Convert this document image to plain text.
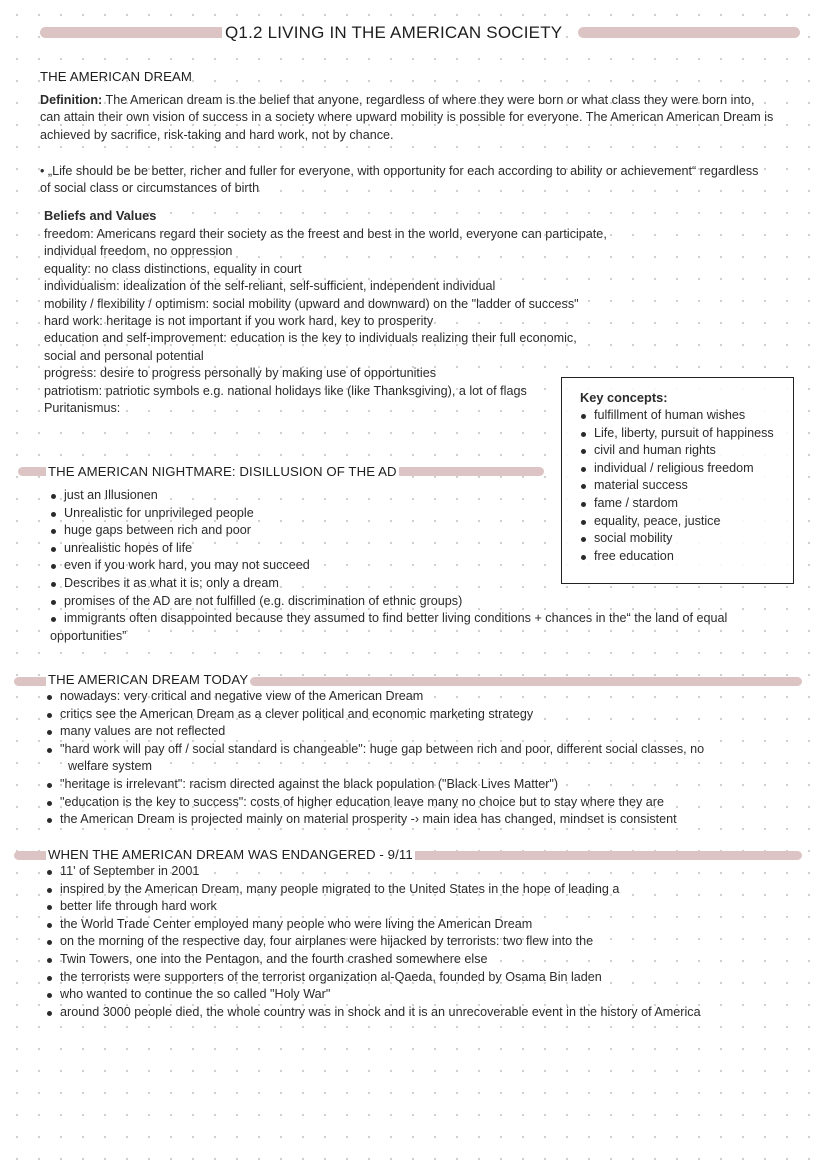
Q1.2 LIVING IN THE AMERICAN SOCIETY
THE AMERICAN DREAM
Definition: The American dream is the belief that anyone, regardless of where they were born or what class they were born into,
can attain their own vision of success in a society where upward mobility is possible for everyone. The American American Dream is
achieved by sacrifice, risk-taking and hard work, not by chance.
• „Life should be be better, richer and fuller for everyone, with opportunity for each according to ability or achievement“ regardless
of social class or circumstances of birth
Beliefs and Values
freedom: Americans regard their society as the freest and best in the world, everyone can participate,
individual freedom, no oppression
equality: no class distinctions, equality in court
individualism: idealization of the self-reliant, self-sufficient, independent individual
mobility / flexibility / optimism: social mobility (upward and downward) on the "ladder of success"
hard work: heritage is not important if you work hard, key to prosperity
education and self-improvement: education is the key to individuals realizing their full economic,
social and personal potential
progress: desire to progress personally by making use of opportunities
patriotism: patriotic symbols e.g. national holidays like (like Thanksgiving), a lot of flags
Puritanismus:
Key concepts:
fulfillment of human wishes
Life, liberty, pursuit of happiness
civil and human rights
individual / religious freedom
material success
fame / stardom
equality, peace, justice
social mobility
free education
THE AMERICAN NIGHTMARE: DISILLUSION OF THE AD
just an Illusionen
Unrealistic for unprivileged people
huge gaps between rich and poor
unrealistic hopes of life
even if you work hard, you may not succeed
Describes it as what it is; only a dream
promises of the AD are not fulfilled (e.g. discrimination of ethnic groups)
immigrants often disappointed because they assumed to find better living conditions + chances in the“ the land of equal
opportunities”
THE AMERICAN DREAM TODAY
nowadays: very critical and negative view of the American Dream
critics see the American Dream as a clever political and economic marketing strategy
many values are not reflected
"hard work will pay off / social standard is changeable": huge gap between rich and poor, different social classes, no
welfare system
"heritage is irrelevant": racism directed against the black population ("Black Lives Matter")
"education is the key to success": costs of higher education leave many no choice but to stay where they are
the American Dream is projected mainly on material prosperity -› main idea has changed, mindset is consistent
WHEN THE AMERICAN DREAM WAS ENDANGERED - 9/11
11' of September in 2001
inspired by the American Dream, many people migrated to the United States in the hope of leading a
better life through hard work
the World Trade Center employed many people who were living the American Dream
on the morning of the respective day, four airplanes were hijacked by terrorists: two flew into the
Twin Towers, one into the Pentagon, and the fourth crashed somewhere else
the terrorists were supporters of the terrorist organization al-Qaeda, founded by Osama Bin laden
who wanted to continue the so called "Holy War"
around 3000 people died, the whole country was in shock and it is an unrecoverable event in the history of America
